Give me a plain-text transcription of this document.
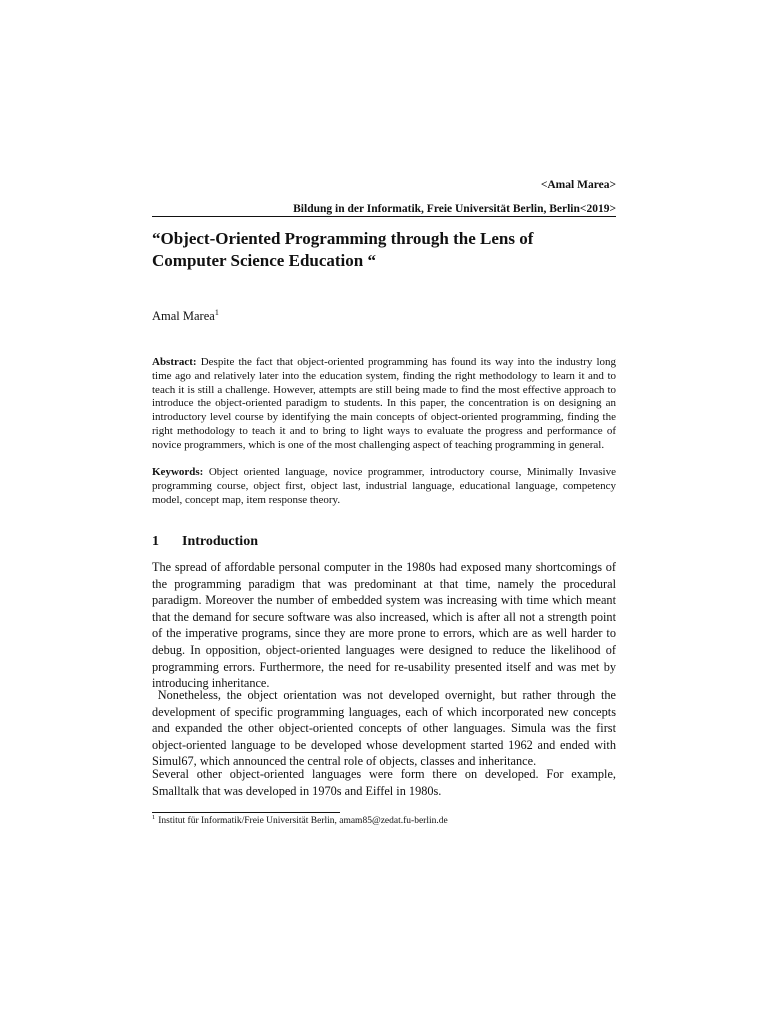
<Amal Marea>
Bildung in der Informatik, Freie Universität Berlin, Berlin<2019>
“Object-Oriented Programming through the Lens of
Computer Science Education “
Amal Marea$^1$
Abstract: Despite the fact that object-oriented programming has found its way into the industry long time ago and relatively later into the education system, finding the right methodology to learn it and to teach it is still a challenge. However, attempts are still being made to find the most effective approach to introduce the object-oriented paradigm to students. In this paper, the concentration is on designing an introductory level course by identifying the main concepts of object-oriented programming, finding the right methodology to teach it and to bring to light ways to evaluate the progress and performance of novice programmers, which is one of the most challenging aspect of teaching programming in general.
Keywords: Object oriented language, novice programmer, introductory course, Minimally Invasive programming course, object first, object last, industrial language, educational language, competency model, concept map, item response theory.
1 Introduction
The spread of affordable personal computer in the 1980s had exposed many shortcomings of the programming paradigm that was predominant at that time, namely the procedural paradigm. Moreover the number of embedded system was increasing with time which meant that the demand for secure software was also increased, which is after all not a strength point of the imperative programs, since they are more prone to errors, which are as well harder to debug. In opposition, object-oriented languages were designed to reduce the likelihood of programming errors. Furthermore, the need for re-usability presented itself and was met by introducing inheritance.
Nonetheless, the object orientation was not developed overnight, but rather through the development of specific programming languages, each of which incorporated new concepts and expanded the other object-oriented concepts of other languages. Simula was the first object-oriented language to be developed whose development started 1962 and ended with Simul67, which announced the central role of objects, classes and inheritance.
Several other object-oriented languages were form there on developed. For example, Smalltalk that was developed in 1970s and Eiffel in 1980s.
$^1$ Institut für Informatik/Freie Universität Berlin, amam85@zedat.fu-berlin.de
